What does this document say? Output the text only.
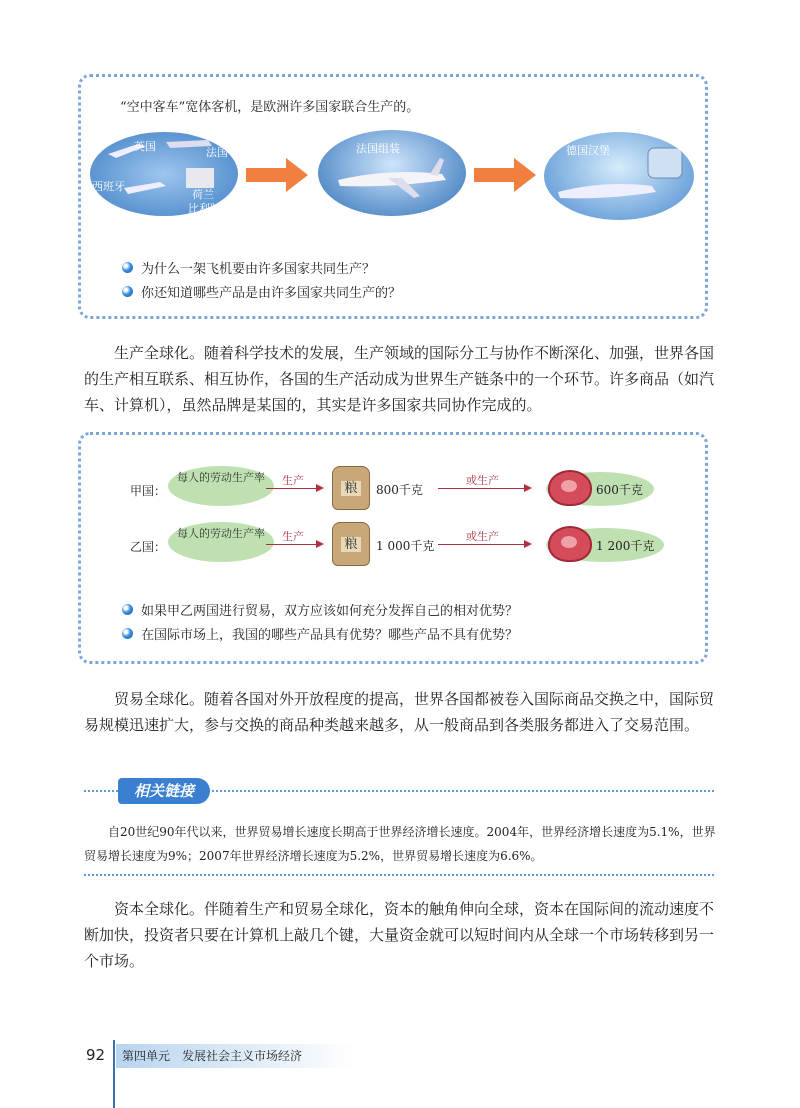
“空中客车”宽体客机，是欧洲许多国家联合生产的。
英国	法国
西班牙
荷兰
比利时
法国组装	德国汉堡
为什么一架飞机要由许多国家共同生产？
你还知道哪些产品是由许多国家共同生产的？
生产全球化。随着科学技术的发展，生产领域的国际分工与协作不断深化、加强，世界各国的生产相互联系、相互协作，各国的生产活动成为世界生产链条中的一个环节。许多商品（如汽车、计算机），虽然品牌是某国的，其实是许多国家共同协作完成的。
甲国：
每人的劳动生产率	生产
粮	800千克
或生产
600千克
乙国：
每人的劳动生产率	生产
粮	1 000千克
或生产
1 200千克
如果甲乙两国进行贸易，双方应该如何充分发挥自己的相对优势？
在国际市场上，我国的哪些产品具有优势？哪些产品不具有优势？
贸易全球化。随着各国对外开放程度的提高，世界各国都被卷入国际商品交换之中，国际贸易规模迅速扩大，参与交换的商品种类越来越多，从一般商品到各类服务都进入了交易范围。
相关链接
自20世纪90年代以来，世界贸易增长速度长期高于世界经济增长速度。2004年，世界经济增长速度为5.1%，世界贸易增长速度为9%；2007年世界经济增长速度为5.2%，世界贸易增长速度为6.6%。
资本全球化。伴随着生产和贸易全球化，资本的触角伸向全球，资本在国际间的流动速度不断加快，投资者只要在计算机上敲几个键，大量资金就可以短时间内从全球一个市场转移到另一个市场。
92 第四单元　发展社会主义市场经济
